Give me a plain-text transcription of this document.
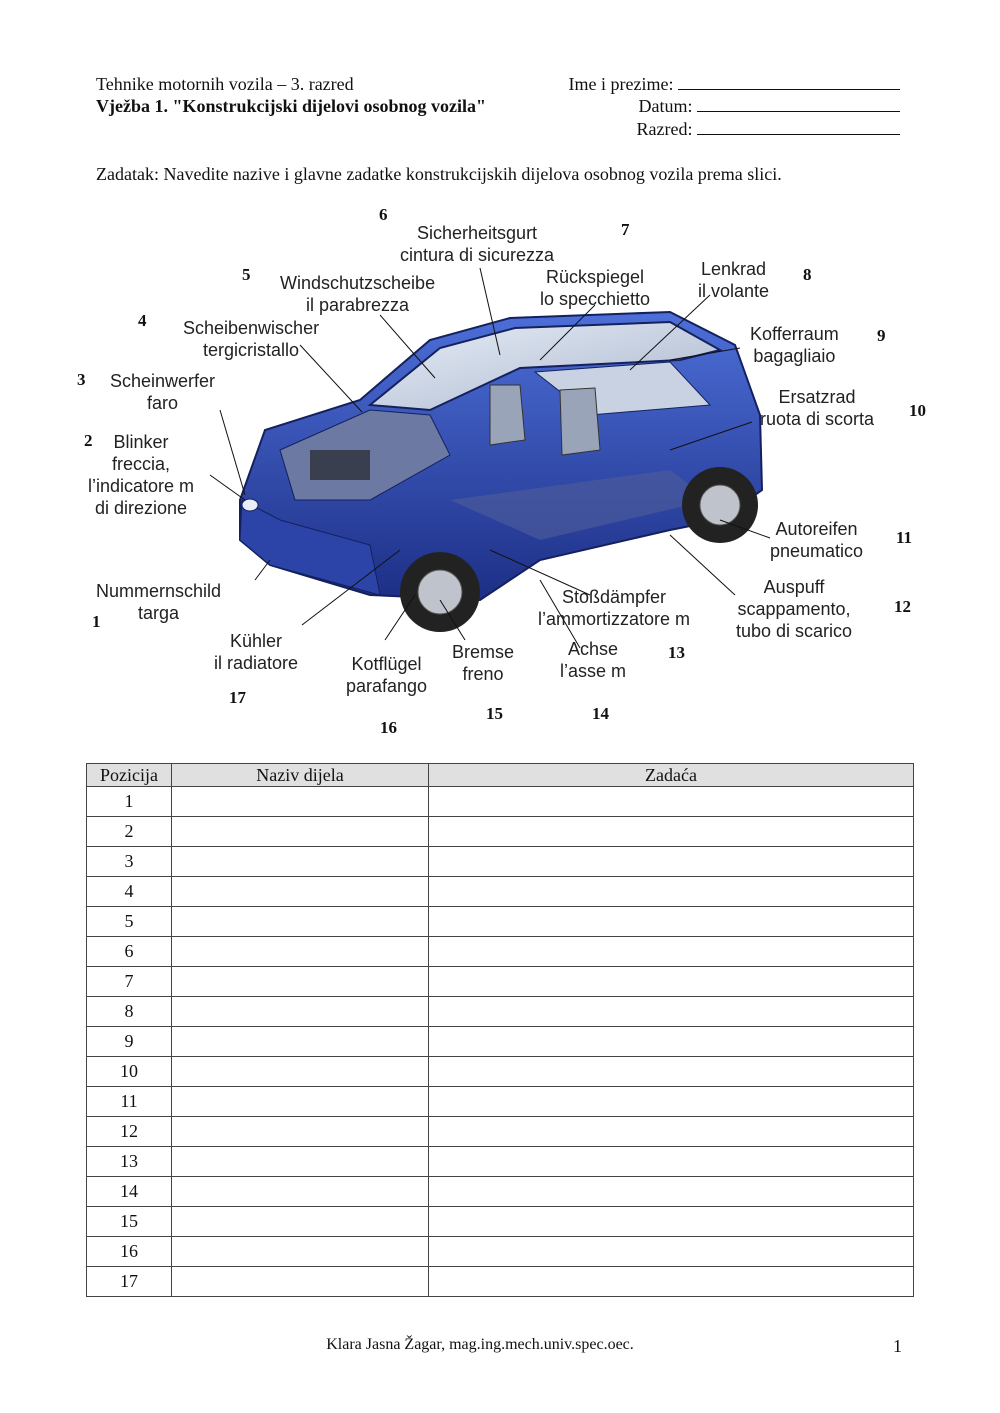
Tehnike motornih vozila – 3. razred
Vježba 1. "Konstrukcijski dijelovi osobnog vozila"
Ime i prezime:
Datum:
Razred:
Zadatak: Navedite nazive i glavne zadatke konstrukcijskih dijelova osobnog vozila prema slici.
Sicherheitsgurt
cintura di sicurezza
Windschutzscheibe
il parabrezza
Rückspiegel
lo specchietto
Lenkrad
il volante
Scheibenwischer
tergicristallo
Kofferraum
bagagliaio
Scheinwerfer
faro	Ersatzrad
ruota di scorta
Blinker
freccia,
l’indicatore m
di direzione
Autoreifen
pneumatico
Nummernschild
targa
Stoßdämpfer
l’ammortizzatore m
Auspuff
scappamento,
tubo di scarico
Kühler
il radiatore	Kotflügel
parafango
Bremse
freno
Achse
l’asse m
1
2
3
4
5
6
7
8
9
10
11
12
13
14
15
16
17
Pozicija	Naziv dijela	Zadaća
1		
2		
3		
4		
5		
6		
7		
8		
9		
10		
11		
12		
13		
14		
15		
16		
17		
Klara Jasna Žagar, mag.ing.mech.univ.spec.oec.	1
